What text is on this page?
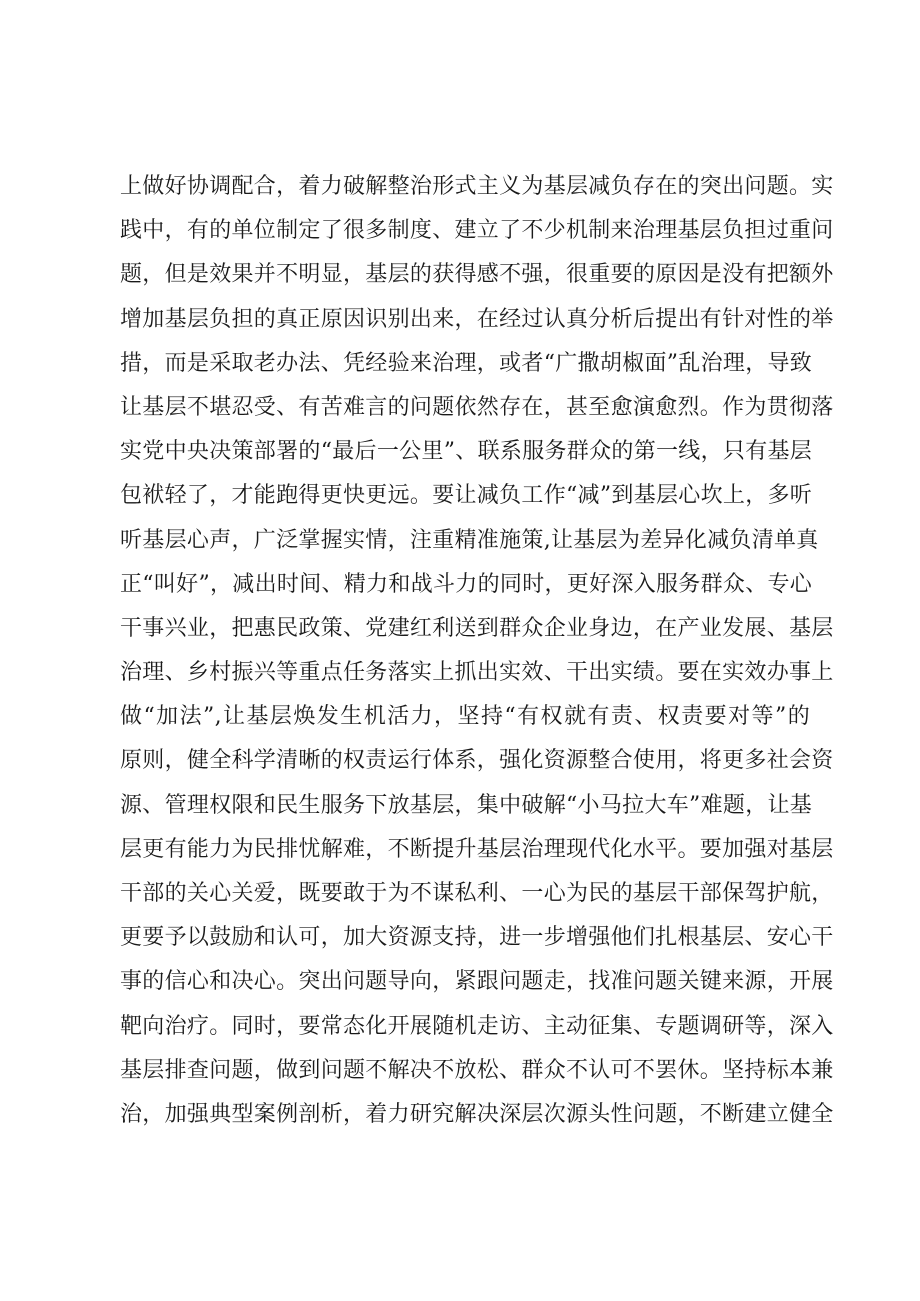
上做好协调配合，着力破解整治形式主义为基层减负存在的突出问题。实
践中，有的单位制定了很多制度、建立了不少机制来治理基层负担过重问
题，但是效果并不明显，基层的获得感不强，很重要的原因是没有把额外
增加基层负担的真正原因识别出来，在经过认真分析后提出有针对性的举
措，而是采取老办法、凭经验来治理，或者“广撒胡椒面”乱治理，导致
让基层不堪忍受、有苦难言的问题依然存在，甚至愈演愈烈。作为贯彻落
实党中央决策部署的“最后一公里”、联系服务群众的第一线，只有基层
包袱轻了，才能跑得更快更远。要让减负工作“减”到基层心坎上，多听
听基层心声，广泛掌握实情，注重精准施策,让基层为差异化减负清单真
正“叫好”，减出时间、精力和战斗力的同时，更好深入服务群众、专心
干事兴业，把惠民政策、党建红利送到群众企业身边，在产业发展、基层
治理、乡村振兴等重点任务落实上抓出实效、干出实绩。要在实效办事上
做“加法”,让基层焕发生机活力，坚持“有权就有责、权责要对等”的
原则，健全科学清晰的权责运行体系，强化资源整合使用，将更多社会资
源、管理权限和民生服务下放基层，集中破解“小马拉大车”难题，让基
层更有能力为民排忧解难，不断提升基层治理现代化水平。要加强对基层
干部的关心关爱，既要敢于为不谋私利、一心为民的基层干部保驾护航，
更要予以鼓励和认可，加大资源支持，进一步增强他们扎根基层、安心干
事的信心和决心。突出问题导向，紧跟问题走，找准问题关键来源，开展
靶向治疗。同时，要常态化开展随机走访、主动征集、专题调研等，深入
基层排查问题，做到问题不解决不放松、群众不认可不罢休。坚持标本兼
治，加强典型案例剖析，着力研究解决深层次源头性问题，不断建立健全
